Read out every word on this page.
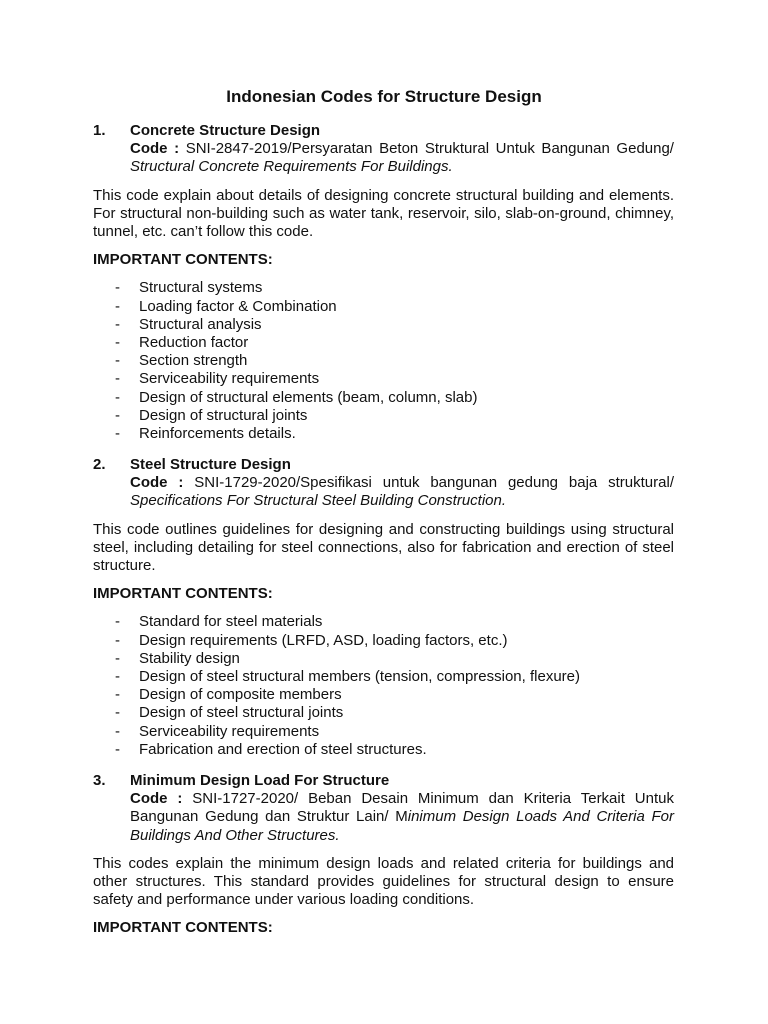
Indonesian Codes for Structure Design
1. Concrete Structure Design
Code : SNI-2847-2019/Persyaratan Beton Struktural Untuk Bangunan Gedung/ Structural Concrete Requirements For Buildings.
This code explain about details of designing concrete structural building and elements. For structural non-building such as water tank, reservoir, silo, slab-on-ground, chimney, tunnel, etc. can’t follow this code.
IMPORTANT CONTENTS:
- Structural systems
- Loading factor & Combination
- Structural analysis
- Reduction factor
- Section strength
- Serviceability requirements
- Design of structural elements (beam, column, slab)
- Design of structural joints
- Reinforcements details.
2. Steel Structure Design
Code : SNI-1729-2020/Spesifikasi untuk bangunan gedung baja struktural/ Specifications For Structural Steel Building Construction.
This code outlines guidelines for designing and constructing buildings using structural steel, including detailing for steel connections, also for fabrication and erection of steel structure.
IMPORTANT CONTENTS:
- Standard for steel materials
- Design requirements (LRFD, ASD, loading factors, etc.)
- Stability design
- Design of steel structural members (tension, compression, flexure)
- Design of composite members
- Design of steel structural joints
- Serviceability requirements
- Fabrication and erection of steel structures.
3. Minimum Design Load For Structure
Code : SNI-1727-2020/ Beban Desain Minimum dan Kriteria Terkait Untuk Bangunan Gedung dan Struktur Lain/ Minimum Design Loads And Criteria For Buildings And Other Structures.
This codes explain the minimum design loads and related criteria for buildings and other structures. This standard provides guidelines for structural design to ensure safety and performance under various loading conditions.
IMPORTANT CONTENTS:
